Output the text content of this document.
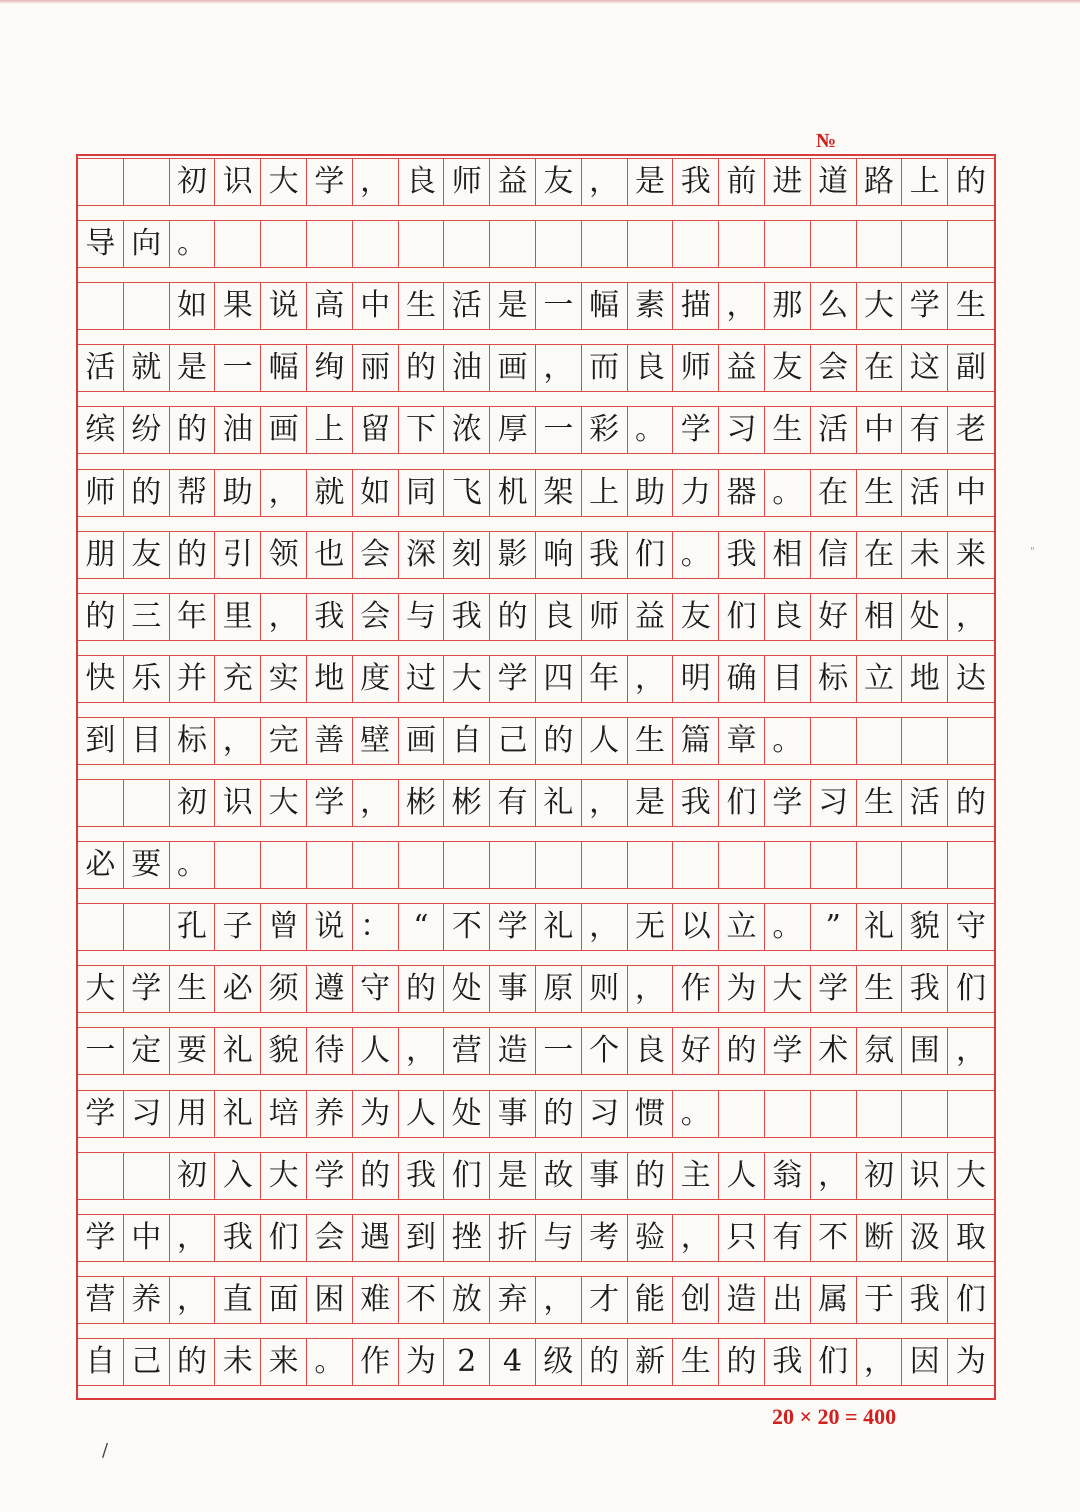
№
初 识 大 学 ， 良 师 益 友 ， 是 我 前 进 道 路 上 的
导 向 。
如 果 说 高 中 生 活 是 一 幅 素 描 ， 那 么 大 学 生
活 就 是 一 幅 绚 丽 的 油 画 ， 而 良 师 益 友 会 在 这 副
缤 纷 的 油 画 上 留 下 浓 厚 一 彩 。 学 习 生 活 中 有 老
师 的 帮 助 ， 就 如 同 飞 机 架 上 助 力 器 。 在 生 活 中
朋 友 的 引 领 也 会 深 刻 影 响 我 们 。 我 相 信 在 未 来
的 三 年 里 ， 我 会 与 我 的 良 师 益 友 们 良 好 相 处 ，
快 乐 并 充 实 地 度 过 大 学 四 年 ， 明 确 目 标 立 地 达
到 目 标 ， 完 善 壁 画 自 己 的 人 生 篇 章 。
初 识 大 学 ， 彬 彬 有 礼 ， 是 我 们 学 习 生 活 的
必 要 。
孔 子 曾 说 ： “ 不 学 礼 ， 无 以 立 。 ” 礼 貌 守
大 学 生 必 须 遵 守 的 处 事 原 则 ， 作 为 大 学 生 我 们
一 定 要 礼 貌 待 人 ， 营 造 一 个 良 好 的 学 术 氛 围 ，
学 习 用 礼 培 养 为 人 处 事 的 习 惯 。
初 入 大 学 的 我 们 是 故 事 的 主 人 翁 ， 初 识 大
学 中 ， 我 们 会 遇 到 挫 折 与 考 验 ， 只 有 不 断 汲 取
营 养 ， 直 面 困 难 不 放 弃 ， 才 能 创 造 出 属 于 我 们
自 己 的 未 来 。 作 为 2 4 级 的 新 生 的 我 们 ， 因 为
20 × 20 = 400
/
"
